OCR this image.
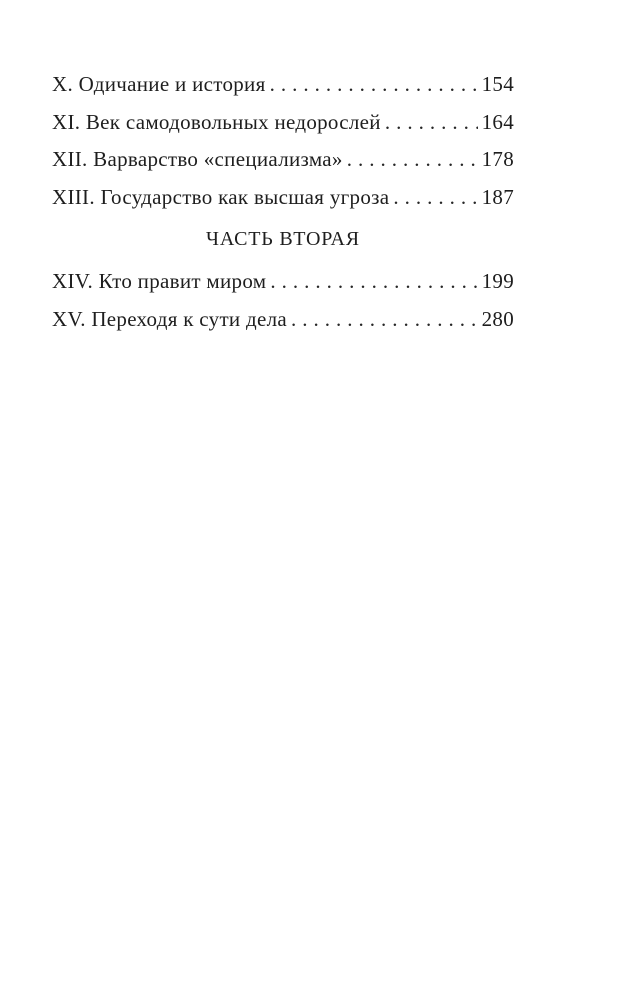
X. Одичание и история .....	154
XI. Век самодовольных недорослей .....	164
XII. Варварство «специализма» .....	178
XIII. Государство как высшая угроза .....	187
ЧАСТЬ ВТОРАЯ
XIV. Кто правит миром .....	199
XV. Переходя к сути дела .....	280
